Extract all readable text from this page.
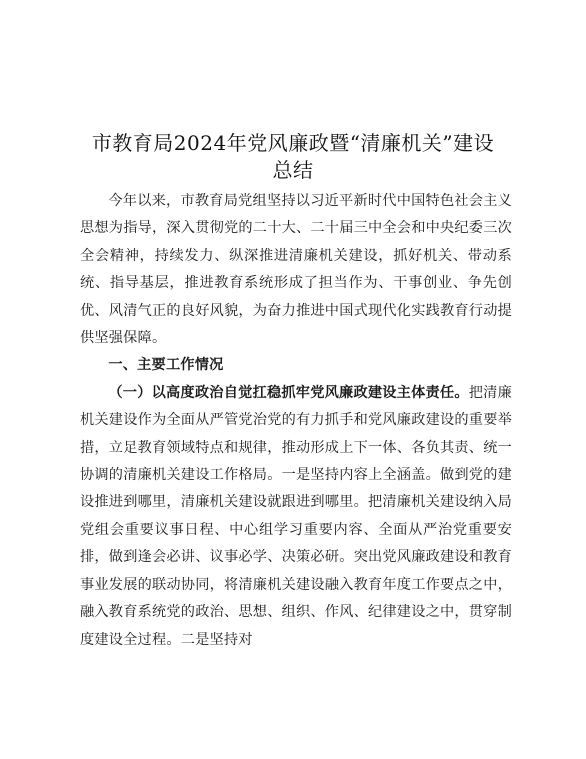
市教育局2024年党风廉政暨“清廉机关”建设
总结

今年以来，市教育局党组坚持以习近平新时代中国特色社会主义思想为指导，深入贯彻党的二十大、二十届三中全会和中央纪委三次全会精神，持续发力、纵深推进清廉机关建设，抓好机关、带动系统、指导基层，推进教育系统形成了担当作为、干事创业、争先创优、风清气正的良好风貌，为奋力推进中国式现代化实践教育行动提供坚强保障。

一、主要工作情况

（一）以高度政治自觉扛稳抓牢党风廉政建设主体责任。把清廉机关建设作为全面从严管党治党的有力抓手和党风廉政建设的重要举措，立足教育领域特点和规律，推动形成上下一体、各负其责、统一协调的清廉机关建设工作格局。一是坚持内容上全涵盖。做到党的建设推进到哪里，清廉机关建设就跟进到哪里。把清廉机关建设纳入局党组会重要议事日程、中心组学习重要内容、全面从严治党重要安排，做到逢会必讲、议事必学、决策必研。突出党风廉政建设和教育事业发展的联动协同，将清廉机关建设融入教育年度工作要点之中，融入教育系统党的政治、思想、组织、作风、纪律建设之中，贯穿制度建设全过程。二是坚持对
